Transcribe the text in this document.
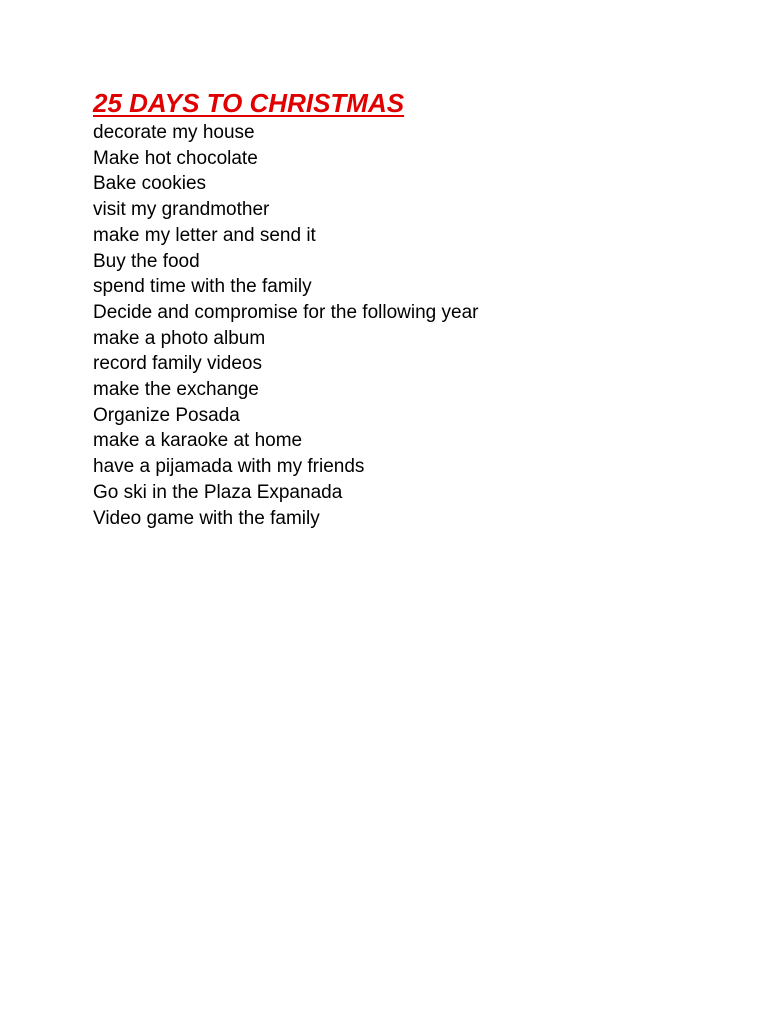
25 DAYS TO CHRISTMAS
decorate my house
Make hot chocolate
Bake cookies
visit my grandmother
make my letter and send it
Buy the food
spend time with the family
Decide and compromise for the following year
make a photo album
record family videos
make the exchange
Organize Posada
make a karaoke at home
have a pijamada with my friends
Go ski in the Plaza Expanada
Video game with the family
